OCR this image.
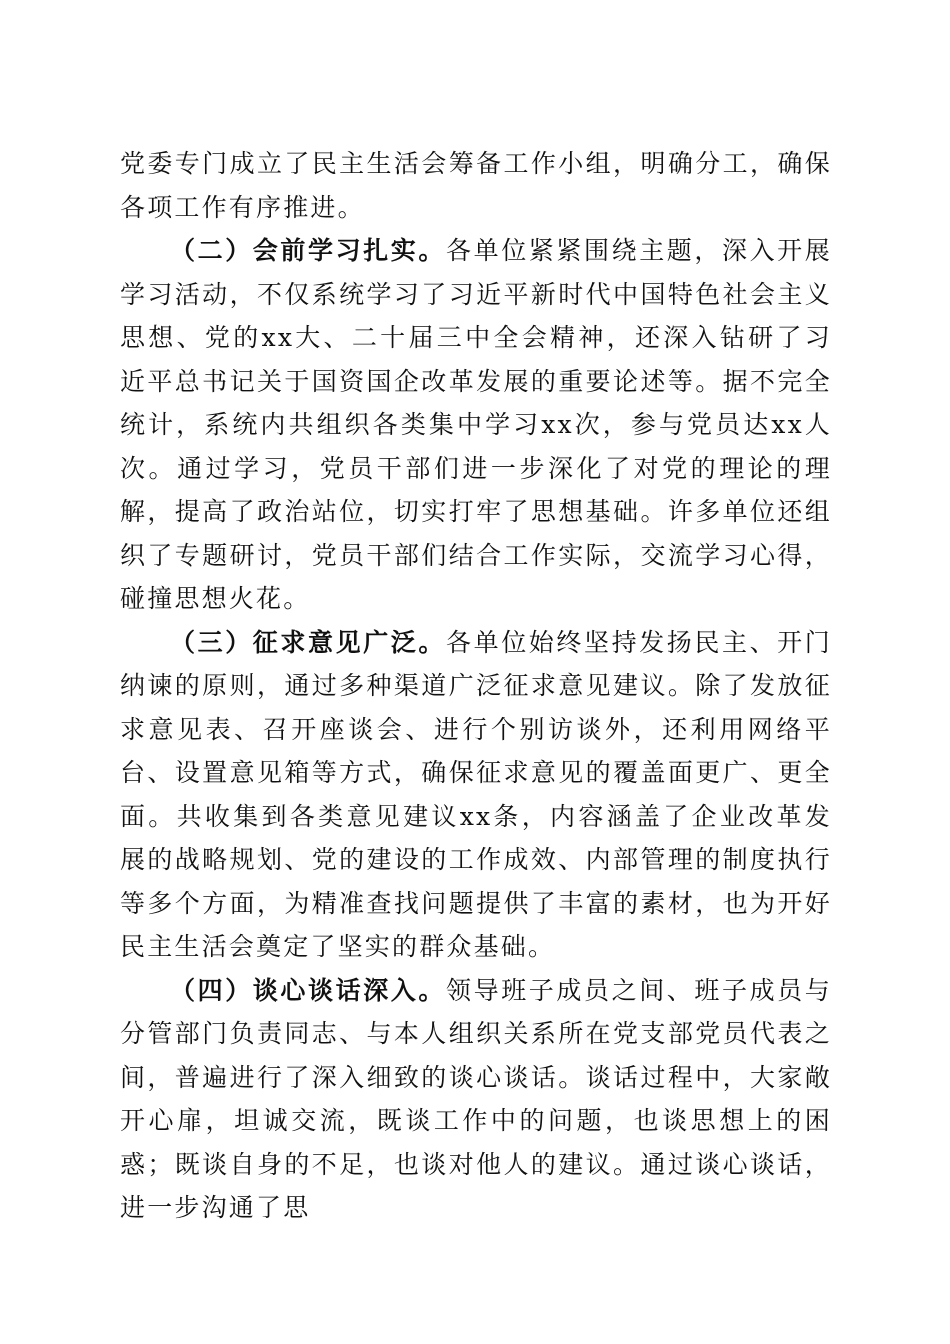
党委专门成立了民主生活会筹备工作小组，明确分工，确保各项工作有序推进。

（二）会前学习扎实。各单位紧紧围绕主题，深入开展学习活动，不仅系统学习了习近平新时代中国特色社会主义思想、党的xx大、二十届三中全会精神，还深入钻研了习近平总书记关于国资国企改革发展的重要论述等。据不完全统计，系统内共组织各类集中学习xx次，参与党员达xx人次。通过学习，党员干部们进一步深化了对党的理论的理解，提高了政治站位，切实打牢了思想基础。许多单位还组织了专题研讨，党员干部们结合工作实际，交流学习心得，碰撞思想火花。

（三）征求意见广泛。各单位始终坚持发扬民主、开门纳谏的原则，通过多种渠道广泛征求意见建议。除了发放征求意见表、召开座谈会、进行个别访谈外，还利用网络平台、设置意见箱等方式，确保征求意见的覆盖面更广、更全面。共收集到各类意见建议xx条，内容涵盖了企业改革发展的战略规划、党的建设的工作成效、内部管理的制度执行等多个方面，为精准查找问题提供了丰富的素材，也为开好民主生活会奠定了坚实的群众基础。

（四）谈心谈话深入。领导班子成员之间、班子成员与分管部门负责同志、与本人组织关系所在党支部党员代表之间，普遍进行了深入细致的谈心谈话。谈话过程中，大家敞开心扉，坦诚交流，既谈工作中的问题，也谈思想上的困惑；既谈自身的不足，也谈对他人的建议。通过谈心谈话，进一步沟通了思
